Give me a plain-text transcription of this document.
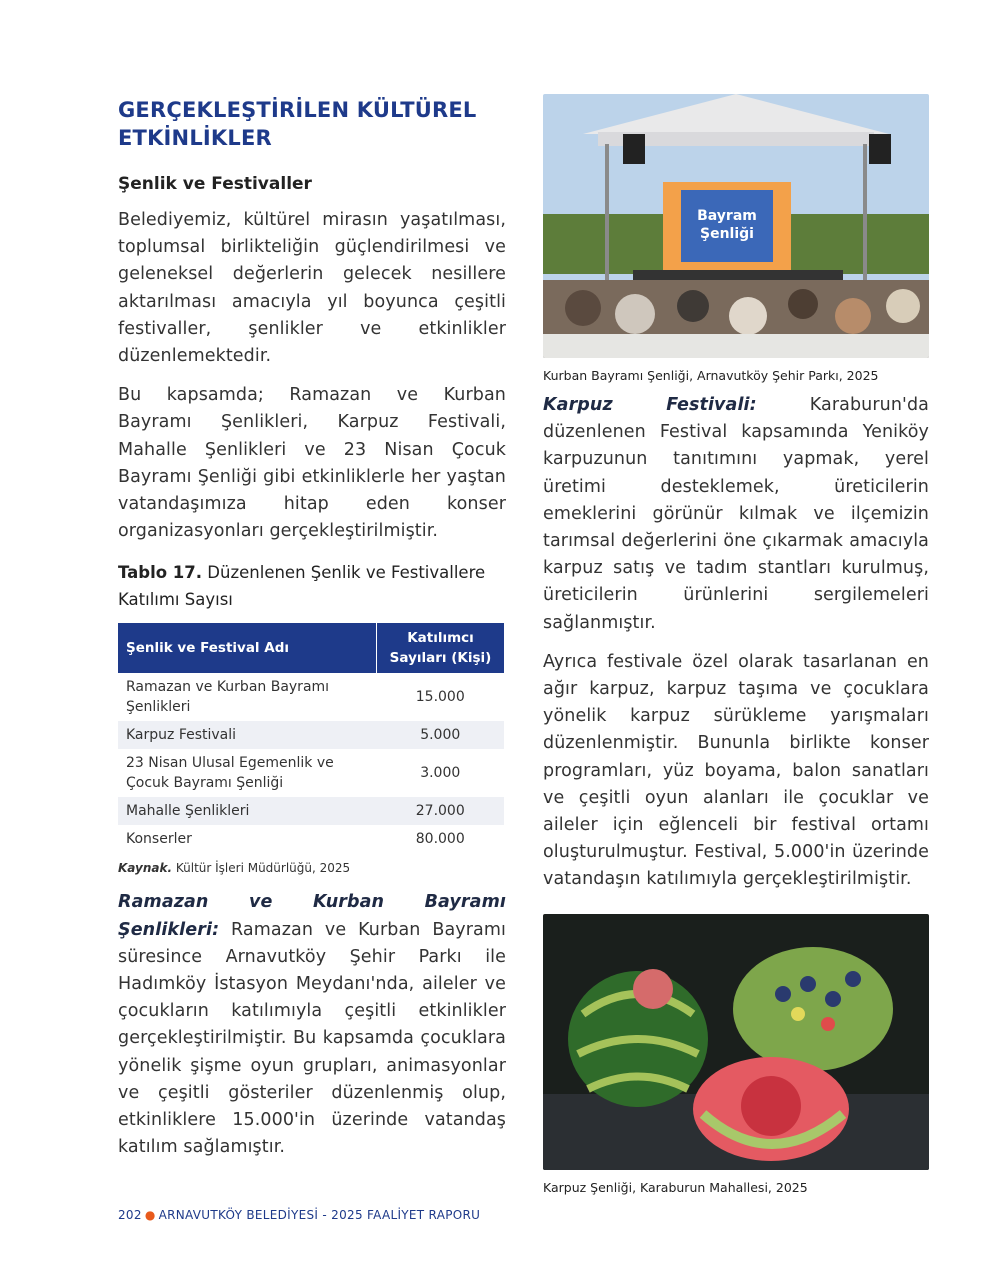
GERÇEKLEŞTİRİLEN KÜLTÜREL ETKİNLİKLER
Şenlik ve Festivaller

Belediyemiz, kültürel mirasın yaşatılması, toplumsal birlikteliğin güçlendirilmesi ve geleneksel değerlerin gelecek nesillere aktarılması amacıyla yıl boyunca çeşitli festivaller, şenlikler ve etkinlikler düzenlemektedir.

Bu kapsamda; Ramazan ve Kurban Bayramı Şenlikleri, Karpuz Festivali, Mahalle Şenlikleri ve 23 Nisan Çocuk Bayramı Şenliği gibi etkinliklerle her yaştan vatandaşımıza hitap eden konser organizasyonları gerçekleştirilmiştir.

Tablo 17. Düzenlenen Şenlik ve Festivallere Katılımı Sayısı
Şenlik ve Festival Adı	Katılımcı Sayıları (Kişi)
Ramazan ve Kurban Bayramı Şenlikleri	15.000
Karpuz Festivali	5.000
23 Nisan Ulusal Egemenlik ve Çocuk Bayramı Şenliği	3.000
Mahalle Şenlikleri	27.000
Konserler	80.000
Kaynak. Kültür İşleri Müdürlüğü, 2025

Ramazan ve Kurban Bayramı Şenlikleri: Ramazan ve Kurban Bayramı süresince Arnavutköy Şehir Parkı ile Hadımköy İstasyon Meydanı'nda, aileler ve çocukların katılımıyla çeşitli etkinlikler gerçekleştirilmiştir. Bu kapsamda çocuklara yönelik şişme oyun grupları, animasyonlar ve çeşitli gösteriler düzenlenmiş olup, etkinliklere 15.000'in üzerinde vatandaş katılım sağlamıştır.

Bayram
Şenliği
Kurban Bayramı Şenliği, Arnavutköy Şehir Parkı, 2025

Karpuz Festivali:	Karaburun'da düzenlenen Festival kapsamında Yeniköy karpuzunun tanıtımını yapmak, yerel üretimi desteklemek, üreticilerin emeklerini görünür kılmak ve ilçemizin tarımsal değerlerini öne çıkarmak amacıyla karpuz satış ve tadım stantları kurulmuş, üreticilerin ürünlerini sergilemeleri sağlanmıştır.

Ayrıca festivale özel olarak tasarlanan en ağır karpuz, karpuz taşıma ve çocuklara yönelik karpuz sürükleme yarışmaları düzenlenmiştir. Bununla birlikte konser programları, yüz boyama, balon sanatları ve çeşitli oyun alanları ile çocuklar ve aileler için eğlenceli bir festival ortamı oluşturulmuştur. Festival, 5.000'in üzerinde vatandaşın katılımıyla gerçekleştirilmiştir.

Karpuz Şenliği, Karaburun Mahallesi, 2025
202 ● ARNAVUTKÖY BELEDİYESİ - 2025 FAALİYET RAPORU
